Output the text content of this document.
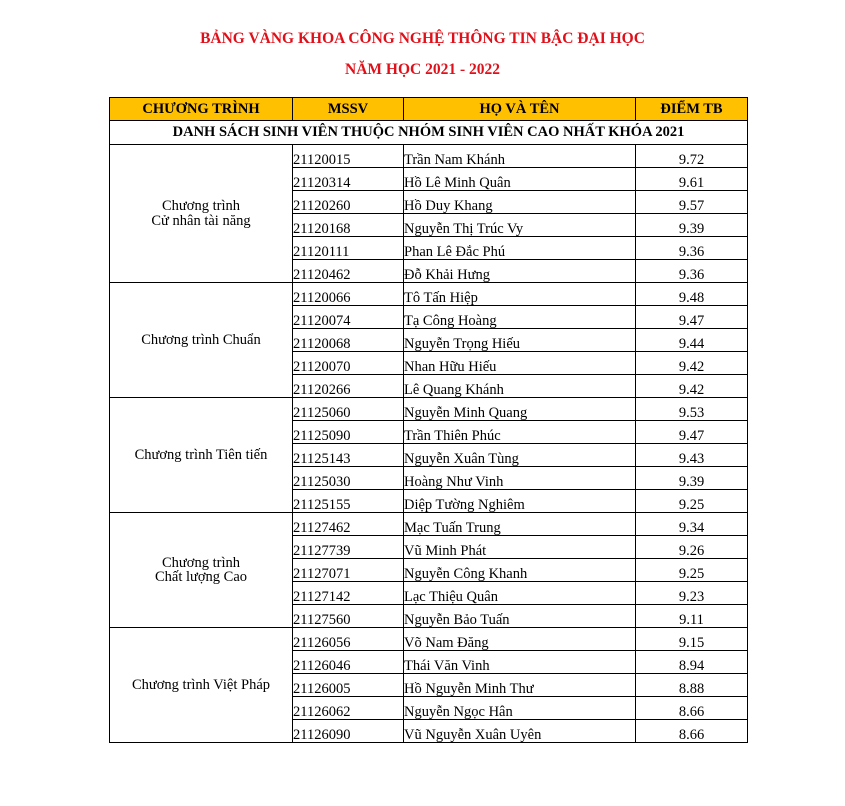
BẢNG VÀNG KHOA CÔNG NGHỆ THÔNG TIN BẬC ĐẠI HỌC
NĂM HỌC 2021 - 2022
CHƯƠNG TRÌNH	MSSV	HỌ VÀ TÊN	ĐIỂM TB
DANH SÁCH SINH VIÊN THUỘC NHÓM SINH VIÊN CAO NHẤT KHÓA 2021			
Chương trình
Cử nhân tài năng	21120015	Trần Nam Khánh	9.72
	21120314	Hồ Lê Minh Quân	9.61
	21120260	Hồ Duy Khang	9.57
	21120168	Nguyễn Thị Trúc Vy	9.39
	21120111	Phan Lê Đắc Phú	9.36
	21120462	Đỗ Khải Hưng	9.36
Chương trình Chuẩn	21120066	Tô Tấn Hiệp	9.48
	21120074	Tạ Công Hoàng	9.47
	21120068	Nguyễn Trọng Hiếu	9.44
	21120070	Nhan Hữu Hiếu	9.42
	21120266	Lê Quang Khánh	9.42
Chương trình Tiên tiến	21125060	Nguyễn Minh Quang	9.53
	21125090	Trần Thiên Phúc	9.47
	21125143	Nguyễn Xuân Tùng	9.43
	21125030	Hoàng Như Vinh	9.39
	21125155	Diệp Tường Nghiêm	9.25
Chương trình
Chất lượng Cao	21127462	Mạc Tuấn Trung	9.34
	21127739	Vũ Minh Phát	9.26
	21127071	Nguyễn Công Khanh	9.25
	21127142	Lạc Thiệu Quân	9.23
	21127560	Nguyễn Bảo Tuấn	9.11
Chương trình Việt Pháp	21126056	Võ Nam Đăng	9.15
	21126046	Thái Văn Vinh	8.94
	21126005	Hồ Nguyễn Minh Thư	8.88
	21126062	Nguyễn Ngọc Hân	8.66
	21126090	Vũ Nguyễn Xuân Uyên	8.66
